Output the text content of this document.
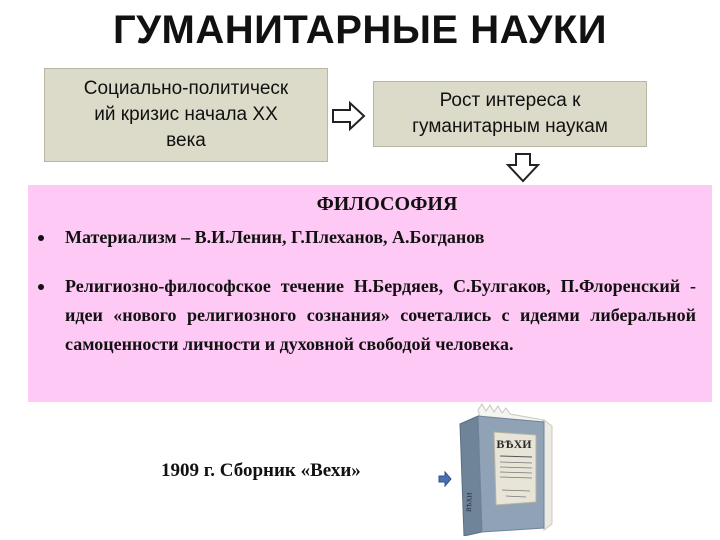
ГУМАНИТАРНЫЕ НАУКИ
Социально-политическ
ий кризис начала XX
века
Рост интереса к
гуманитарным наукам
ФИЛОСОФИЯ
Материализм – В.И.Ленин, Г.Плеханов, А.Богданов
Религиозно-философское течение Н.Бердяев, С.Булгаков, П.Флоренский - идеи «нового религиозного сознания» сочетались с идеями либеральной самоценности личности и духовной свободой человека.
1909 г. Сборник «Вехи»
ВѢХИ
ВѢХИ
